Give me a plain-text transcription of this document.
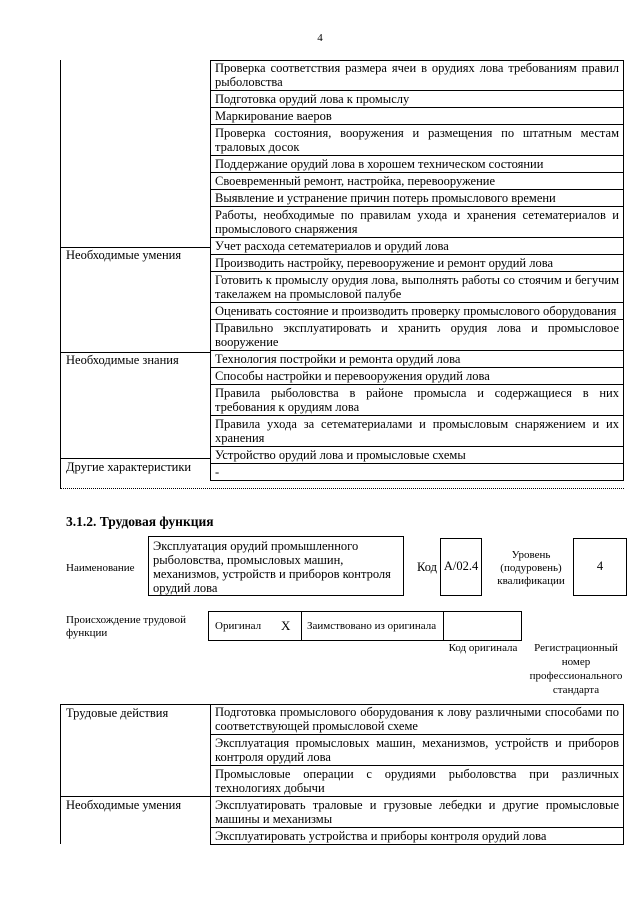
4
Проверка соответствия размера ячеи в орудиях лова требованиям правил рыболовства
Подготовка орудий лова к промыслу
Маркирование ваеров
Проверка состояния, вооружения и размещения по штатным местам траловых досок
Поддержание орудий лова в хорошем техническом состоянии
Своевременный ремонт, настройка, перевооружение
Выявление и устранение причин потерь промыслового времени
Работы, необходимые по правилам ухода и хранения сетематериалов и промыслового снаряжения
Учет расхода сетематериалов и орудий лова
Производить настройку, перевооружение и ремонт орудий лова
Готовить к промыслу орудия лова, выполнять работы со стоячим и бегучим такелажем на промысловой палубе
Оценивать состояние и производить проверку промыслового оборудования
Правильно эксплуатировать и хранить орудия лова и промысловое вооружение
Технология постройки и ремонта орудий лова
Способы настройки и перевооружения орудий лова
Правила рыболовства в районе промысла и содержащиеся в них требования к орудиям лова
Правила ухода за сетематериалами и промысловым снаряжением и их хранения
Устройство орудий лова и промысловые схемы
-
Необходимые умения
Необходимые знания
Другие характеристики
3.1.2. Трудовая функция
Наименование
Эксплуатация орудий промышленного рыболовства, промысловых машин, механизмов, устройств и приборов контроля орудий лова
Код A/02.4
Уровень (подуровень) квалификации
4
Происхождение трудовой функции
Оригинал X Заимствовано из оригинала
Код оригинала	Регистрационный номер профессионального стандарта
Подготовка промыслового оборудования к лову различными способами по соответствующей промысловой схеме
Эксплуатация промысловых машин, механизмов, устройств и приборов контроля орудий лова
Промысловые операции с орудиями рыболовства при различных технологиях добычи
Эксплуатировать траловые и грузовые лебедки и другие промысловые машины и механизмы
Эксплуатировать устройства и приборы контроля орудий лова
Трудовые действия
Необходимые умения
